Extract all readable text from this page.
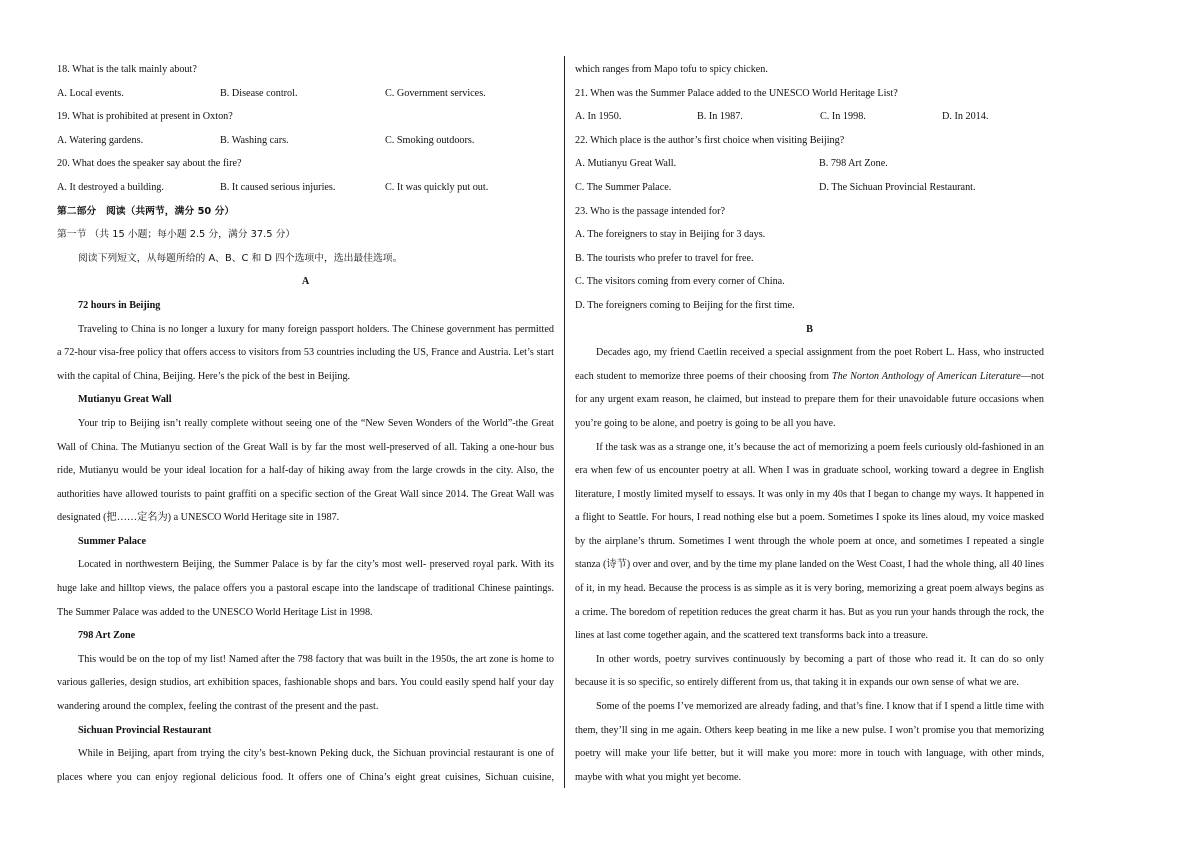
18. What is the talk mainly about?
A. Local events.	B. Disease control.	C. Government services.
19. What is prohibited at present in Oxton?
A. Watering gardens.	B. Washing cars.	C. Smoking outdoors.
20. What does the speaker say about the fire?
A. It destroyed a building.	B. It caused serious injuries.	C. It was quickly put out.
第二部分　阅读（共两节，满分 50 分）
第一节 （共 15 小题；每小题 2.5 分，满分 37.5 分）
阅读下列短文，从每题所给的 A、B、C 和 D 四个选项中，选出最佳选项。
A
72 hours in Beijing
Traveling to China is no longer a luxury for many foreign passport holders. The Chinese government has permitted a 72-hour visa-free policy that offers access to visitors from 53 countries including the US, France and Austria. Let’s start with the capital of China, Beijing. Here’s the pick of the best in Beijing.
Mutianyu Great Wall
Your trip to Beijing isn’t really complete without seeing one of the “New Seven Wonders of the World”-the Great Wall of China. The Mutianyu section of the Great Wall is by far the most well-preserved of all. Taking a one-hour bus ride, Mutianyu would be your ideal location for a half-day of hiking away from the large crowds in the city. Also, the authorities have allowed tourists to paint graffiti on a specific section of the Great Wall since 2014. The Great Wall was designated (把……定名为) a UNESCO World Heritage site in 1987.
Summer Palace
Located in northwestern Beijing, the Summer Palace is by far the city’s most well- preserved royal park. With its huge lake and hilltop views, the palace offers you a pastoral escape into the landscape of traditional Chinese paintings. The Summer Palace was added to the UNESCO World Heritage List in 1998.
798 Art Zone
This would be on the top of my list! Named after the 798 factory that was built in the 1950s, the art zone is home to various galleries, design studios, art exhibition spaces, fashionable shops and bars. You could easily spend half your day wandering around the complex, feeling the contrast of the present and the past.
Sichuan Provincial Restaurant
While in Beijing, apart from trying the city’s best-known Peking duck, the Sichuan provincial restaurant is one of places where you can enjoy regional delicious food. It offers one of China’s eight great cuisines, Sichuan cuisine,
which ranges from Mapo tofu to spicy chicken.
21. When was the Summer Palace added to the UNESCO World Heritage List?
A. In 1950.	B. In 1987.	C. In 1998.	D. In 2014.
22. Which place is the author’s first choice when visiting Beijing?
A. Mutianyu Great Wall.	B. 798 Art Zone.
C. The Summer Palace.	D. The Sichuan Provincial Restaurant.
23. Who is the passage intended for?
A. The foreigners to stay in Beijing for 3 days.
B. The tourists who prefer to travel for free.
C. The visitors coming from every corner of China.
D. The foreigners coming to Beijing for the first time.
B
Decades ago, my friend Caetlin received a special assignment from the poet Robert L. Hass, who instructed each student to memorize three poems of their choosing from The Norton Anthology of American Literature—not for any urgent exam reason, he claimed, but instead to prepare them for their unavoidable future occasions when you’re going to be alone, and poetry is going to be all you have.
If the task was as a strange one, it’s because the act of memorizing a poem feels curiously old-fashioned in an era when few of us encounter poetry at all. When I was in graduate school, working toward a degree in English literature, I mostly limited myself to essays. It was only in my 40s that I began to change my ways. It happened in a flight to Seattle. For hours, I read nothing else but a poem. Sometimes I spoke its lines aloud, my voice masked by the airplane’s thrum. Sometimes I went through the whole poem at once, and sometimes I repeated a single stanza (诗节) over and over, and by the time my plane landed on the West Coast, I had the whole thing, all 40 lines of it, in my head. Because the process is as simple as it is very boring, memorizing a great poem always begins as a crime. The boredom of repetition reduces the great charm it has. But as you run your hands through the rock, the lines at last come together again, and the scattered text transforms back into a treasure.
In other words, poetry survives continuously by becoming a part of those who read it. It can do so only because it is so specific, so entirely different from us, that taking it in expands our own sense of what we are.
Some of the poems I’ve memorized are already fading, and that’s fine. I know that if I spend a little time with them, they’ll sing in me again. Others keep beating in me like a new pulse. I won’t promise you that memorizing poetry will make your life better, but it will make you more: more in touch with language, with other minds, maybe with what you might yet become.
